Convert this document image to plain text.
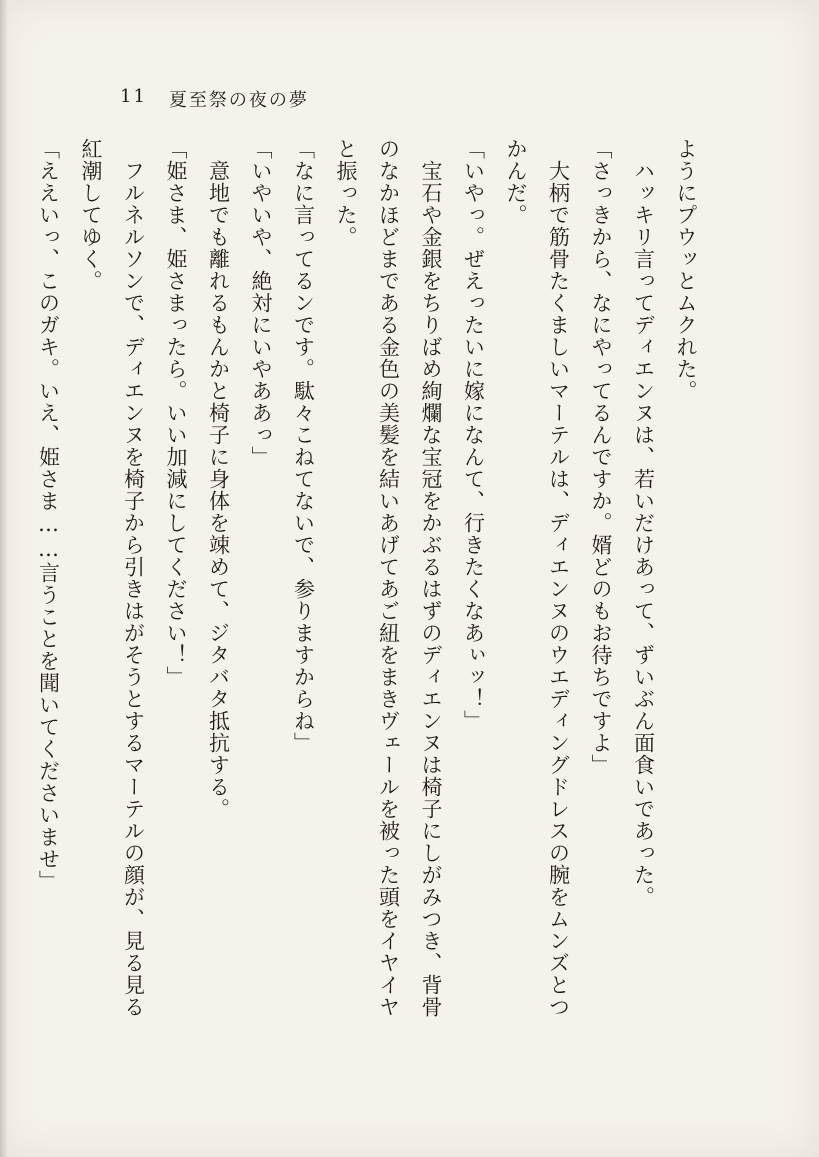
11 夏至祭の夜の夢
ようにプウッとムクれた。
　ハッキリ言ってディエンヌは、若いだけあって、ずいぶん面食いであった。
「さっきから、なにやってるんですか。婿どのもお待ちですよ」
　大柄で筋骨たくましいマーテルは、ディエンヌのウエディングドレスの腕をムンズとつ
かんだ。
「いやっ。ぜえったいに嫁になんて、行きたくなあぃッ！」
　宝石や金銀をちりばめ絢爛な宝冠をかぶるはずのディエンヌは椅子にしがみつき、背骨
のなかほどまである金色の美髪を結いあげてあご紐をまきヴェールを被った頭をイヤイヤ
と振った。
「なに言ってるンです。駄々こねてないで、参りますからね」
「いやいや、絶対にいやああっ」
　意地でも離れるもんかと椅子に身体を竦めて、ジタバタ抵抗する。
「姫さま、姫さまったら。いい加減にしてください！」
　フルネルソンで、ディエンヌを椅子から引きはがそうとするマーテルの顔が、見る見る
紅潮してゆく。
「ええいっ、このガキ。いえ、姫さま……言うことを聞いてくださいませ」
